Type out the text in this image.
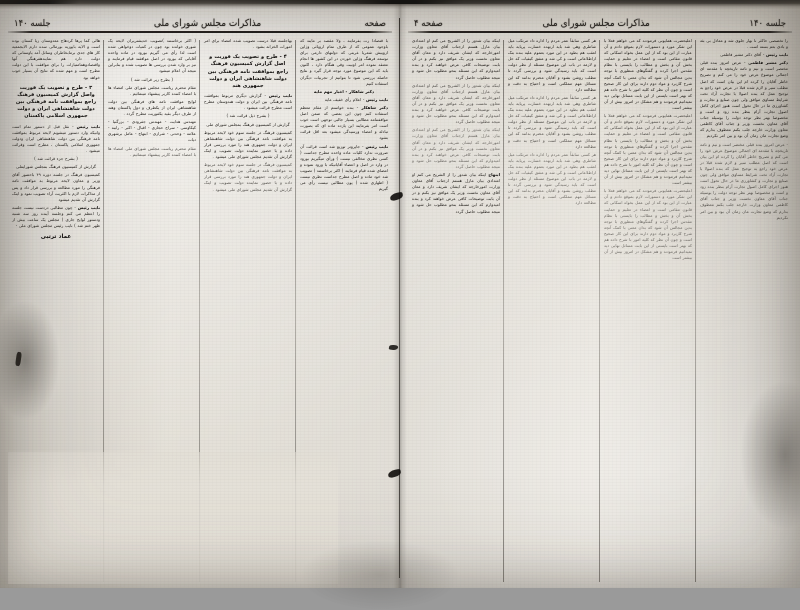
جلسه ۱۴۰
مذاکرات مجلس شورای ملی
صفحه ۴

را تخصصی حاکثر نا بهار جلوی شد و معادل بی بئه و بادی بعم بسته است .

نایب رئیس - آقای دکتر مشیر فاطمی

دکتر مشیر فاطمی - عرض امروز بنده قبلی مختصر است و نیم و نامه تاریخچه با مقدمه ای اجمالی موضوع عرض خود را می کنم و تصریح خاطر آقایان را کرده ام این بیان است که اصل مطلب سیر و لازم شده قبلا در عرض خود راجع به توجیح عمل که بنده اصولا با تجارت آزاد تحت شرایط مساوی موافق ولی چون صنایع و تجارت و کشاورزی ما در حال تحول است هنوز اجرای کامل اصول تجارت آرام بنظر بنده زود و است و مخصوصا بهتر نظر توجه دولت را بوسیله جناب آقای معاون نخست وزیر و جناب آقای کاظمی معاون وزارت خارجه جلب بکنم معطوف بدارم که وضع تجارت مان زمان آن بود و بین امر نکردیم

- عرض امروز بنده قبلی مختصر است و نیم و نامه تاریخچه با مقدمه ای اجمالی موضوع عرض خود را می کنم و تصریح خاطر آقایان را کرده ام این بیان است که اصل مطلب سیر و لازم شده قبلا در عرض خود راجع به توجیح عمل که بنده اصولا با تجارت آزاد تحت شرایط مساوی موافق ولی چون صنایع و تجارت و کشاورزی ما در حال تحول است هنوز اجرای کامل اصول تجارت آرام بنظر بنده زود و است و مخصوصا بهتر نظر توجه دولت را بوسیله جناب آقای معاون نخست وزیر و جناب آقای کاظمی معاون وزارت خارجه جلب بکنم معطوف بدارم که وضع تجارت مان زمان آن بود و بین امر نکردیم

اعلیحضرت همایونی فرمودند که می خواهم فعلا با این تفکر مورد و دستورات لازم بموقع دادم و آن عبارت از این بود که از این عمل بخواه اسکانی که قانون مقامی است و اعضاء در تعلیم و حمایت بخش آن و بخش و مطالب را بایستی با نظام مقدس اجرا کرده و گفتگوهای منظوری با توجه بدین مجالس آن شود که بدان معنی با کمک آنچه شرح کاربرد و مواد دوم دارند برای این کار صحیح است و چون آن نظر که کلیه امور با شرح داده هم که بهتر است بایستی از این بابت مسائل نهایی دید نمیدانیم فرمودند و هم مشکل در امروز بیش از آن بیشتر است

اعلیحضرت همایونی فرمودند که می خواهم فعلا با این تفکر مورد و دستورات لازم بموقع دادم و آن عبارت از این بود که از این عمل بخواه اسکانی که قانون مقامی است و اعضاء در تعلیم و حمایت بخش آن و بخش و مطالب را بایستی با نظام مقدس اجرا کرده و گفتگوهای منظوری با توجه بدین مجالس آن شود که بدان معنی با کمک آنچه شرح کاربرد و مواد دوم دارند برای این کار صحیح است و چون آن نظر که کلیه امور با شرح داده هم که بهتر است بایستی از این بابت مسائل نهایی دید نمیدانیم فرمودند و هم مشکل در امروز بیش از آن بیشتر است

اعلیحضرت همایونی فرمودند که می خواهم فعلا با این تفکر مورد و دستورات لازم بموقع دادم و آن عبارت از این بود که از این عمل بخواه اسکانی که قانون مقامی است و اعضاء در تعلیم و حمایت بخش آن و بخش و مطالب را بایستی با نظام مقدس اجرا کرده و گفتگوهای منظوری با توجه بدین مجالس آن شود که بدان معنی با کمک آنچه شرح کاربرد و مواد دوم دارند برای این کار صحیح است و چون آن نظر که کلیه امور با شرح داده هم که بهتر است بایستی از این بابت مسائل نهایی دید نمیدانیم فرمودند و هم مشکل در امروز بیش از آن بیشتر است

هر کسی سابقاً عمر مردم را اداره داد مرتکب میل شاطری وهی شد بایه ارتهده خسارت پریایه باید لعقب هم بطود در این مورد بعموم علیه بنده بنک ازاطلاعاتی است و کی شد و متفق کیفیات که حل و لازمه در باب این موضوع مسئله از نظر دولت است که باید رسیدگی شود و بررسی گردد تا مطلب روشن بشود و آقایان محترم بدانند که این مسائل مهم مملکتی است و احتیاج به دقت و مطالعه دارد

هر کسی سابقاً عمر مردم را اداره داد مرتکب میل شاطری وهی شد بایه ارتهده خسارت پریایه باید لعقب هم بطود در این مورد بعموم علیه بنده بنک ازاطلاعاتی است و کی شد و متفق کیفیات که حل و لازمه در باب این موضوع مسئله از نظر دولت است که باید رسیدگی شود و بررسی گردد تا مطلب روشن بشود و آقایان محترم بدانند که این مسائل مهم مملکتی است و احتیاج به دقت و مطالعه دارد

هر کسی سابقاً عمر مردم را اداره داد مرتکب میل شاطری وهی شد بایه ارتهده خسارت پریایه باید لعقب هم بطود در این مورد بعموم علیه بنده بنک ازاطلاعاتی است و کی شد و متفق کیفیات که حل و لازمه در باب این موضوع مسئله از نظر دولت است که باید رسیدگی شود و بررسی گردد تا مطلب روشن بشود و آقایان محترم بدانند که این مسائل مهم مملکتی است و احتیاج به دقت و مطالعه دارد

اینکه بیان شدور را از الشریح می کنم او امتدادی بیان مازل هستم ازجناب آقای معاون وزارت امورخارجه که ایشان شریف دارد و معان آقای معاون نخست وزیر یک موافق نیز بکنم و در آن بابت توضیحات کافی عرض خواهند کرد و بنده امیدوارم که این مسئله بنحو مطلوب حل شود و نتیجه مطلوب حاصل گردد

اینکه بیان شدور را از الشریح می کنم او امتدادی بیان مازل هستم ازجناب آقای معاون وزارت امورخارجه که ایشان شریف دارد و معان آقای معاون نخست وزیر یک موافق نیز بکنم و در آن بابت توضیحات کافی عرض خواهند کرد و بنده امیدوارم که این مسئله بنحو مطلوب حل شود و نتیجه مطلوب حاصل گردد

اینکه بیان شدور را از الشریح می کنم او امتدادی بیان مازل هستم ازجناب آقای معاون وزارت امورخارجه که ایشان شریف دارد و معان آقای معاون نخست وزیر یک موافق نیز بکنم و در آن بابت توضیحات کافی عرض خواهند کرد و بنده امیدوارم که این مسئله بنحو مطلوب حل شود و نتیجه مطلوب حاصل گردد

ابتهاج اینکه بیان شدور را از الشریح می کنم او امتدادی بیان مازل هستم ازجناب آقای معاون وزارت امورخارجه که ایشان شریف دارد و معان آقای معاون نخست وزیر یک موافق نیز بکنم و در آن بابت توضیحات کافی عرض خواهند کرد و بنده امیدوارم که این مسئله بنحو مطلوب حل شود و نتیجه مطلوب حاصل گردد

صفحه
مذاکرات مجلس شورای ملی
جلسه ۱۴۰

با قتصادا رت بفرمایند ، ولا مقصد بر مایند که باوجود عمومی که از طرف تمام اروپائی وژاپن ازوییش شعریا غربتی که دولتهای دارمی برای توسعه فرهنگ وژاپن خوردن در این کشور ها انجام معتقد نموده امر اونیت وقی هنگام دارد ، اکنون باید که این موضوع مورد توجه قرار گیرد و نتایج حاصله بررسی شود تا بتوانیم از تجربیات دیگران استفاده کنیم

دکتر شاهکار - اخبار مهم مایه

نایب رئیس - اعلام رأی خفیف مایه

دکتر شاهکار - بنده خواستم از مقام معظم استفاده کنم چون این بعضی که ضمن اصل مواففتنامه مطالبی بسیار جالبی توجهی است خوب است امر بفرمایند این یازده ماده ای که بصورت تبادله و امضاء ورسیدگی میشود بعد اقل قرائت بشود

نایب رئیس - جاپروتر توزیع شد است قرائت آن ضرورت ندارد کلیات ماده واحده مطرح جداست ( کسی نظری مخالفی نیست ) ورأی میگیریم بورود در وارد در اصل و اعضاء آقایانیکه با ورود نموده و امضای شده قیام فرمایند ( اکثر برخاستند ) تصویب شد خود ماده و اصل مطرح جداست نظری نیست ( اظهاری شده ) پون مطالبی نیست رأی می گیریم

بهاجلسه قبلا درست تصویب شده امضاء برای امر امورات الخزانه بشود .

۴ - طرح و تصویب یک فوریت و اصل گزارش کمیسیون فرهنگ راجع بموافقت نامه فرهنگی بین دولت شاهنشاهی ایران و دولت جمهوری هند

نایب رئیس - گزارش دیگری مربوط بموافقت نامه فرهنگی بین ایران و دولت هندوستان مطرح است مطرح قرائت میشود .

( بشرح ذیل قرائت شد )

گزارش از کمیسیون فرهنگ بمجلس شورای ملی

کمیسیون فرهنگ در جلسه سوم خود لایحه مربوط به موافقت نامه فرهنگی بین دولت شاهنشاهی ایران و دولت جمهوری هند را مورد بررسی قرار داده و با حضور نماینده دولت تصویب و اینک گزارش آن تقدیم مجلس شورای ملی میشود .

کمیسیون فرهنگ در جلسه سوم خود لایحه مربوط به موافقت نامه فرهنگی بین دولت شاهنشاهی ایران و دولت جمهوری هند را مورد بررسی قرار داده و با حضور نماینده دولت تصویب و اینک گزارش آن تقدیم مجلس شورای ملی میشود .

( اکثر برخاستند )تصویب خدیشتریران لایحه یک شوری خوانده بود چون در کمیات دوخواهی شده است لذا رأی می گیریم بورود در ماده واحده آقایانی که بورود در اصل موافقند قیام فرمایند و نیز بر وارد شدن بررسی ها تصویب شده و بنابراین نتیجه آن اعلام میشود

( بطرح زیر قرائت شد )

مقام محترم ریاست مجلس شورای ملی امضاء ها با امضاء کننده کاربر پیشنهاد مینمائیم .

لوایح موافقت نامه های فرهنگی بین دولت شاهنشاهی ایران از یکطرف و دول پاکستان وهند از طرف دیگر بقید یکفوریت مطرح گردد .

مهندس هدایت - مهندس جفرودی - بزرگنیا - کیکاوسی - سراج حجازی - اقبال - اکبر - راببه - علامه - وحدتی - شرازی - ابتهاج - عامل برشهری دیات

مقام محترم ریاست مجلس شورای ملی امضاء ها با امضاء کننده کاربر پیشنهاد مینمائیم .

هالی کما پرها کردهاج معدوستان زیا کستان بوده است و الایه باپوزیه بورمالی سده دارم الایجمعیه کار های جدی برمابخاطران وسائل آمد یاوستانی که دولت دارد هم نمایندهفرهنگی آنها واقتصادوهمامتیازات را برای موافقت با این دولت مطرح است و مهم شده که نتایج آن بسیار خوب خواهد بود

۳ - طرح و تصویب یک فوریت واصل گزارش کمیسیون فرهنگ راجع بموافقت نامه فرهنگی بین دولت شاهنشاهی ایران و دولت جمهوری اسلامی پاکستان

نایب رئیس - نقل قبل از دستور تمام است وانیکه وارد دستور میشویم لایحه مربوط بموافقت نامه فرهنگی بین دولت شاهنشاهی ایران ودولت جمهوری اسلامی پاکستان ، مطرح است وقرائت میشود .

( بشرح جزء قرائت شد )

گزارش از کمیسیون فرهنگ بمجلس شورایملی

کمیسیون فرهنگ در جلسه دوره ۴۹ باحضور آقای وزیر و معاون لایحه مربوط به موافقت نامه فرهنگی را مورد مطالعه و بررسی قرار داد و پس از مذاکرات لازم با اکثریت آراء تصویب نمود و اینک گزارش آن تقدیم میشود

نایب رئیس - چون مطالبی دردست نیست جلسه را اعظم می کنم وجلسه آینده روز سه شنبه ودستور لوایح جاری ( مجلس یک ساعت بیش از ظهر ختم شد ) نایب رئیس مجلس شورای ملی -

عماد ترتبی
